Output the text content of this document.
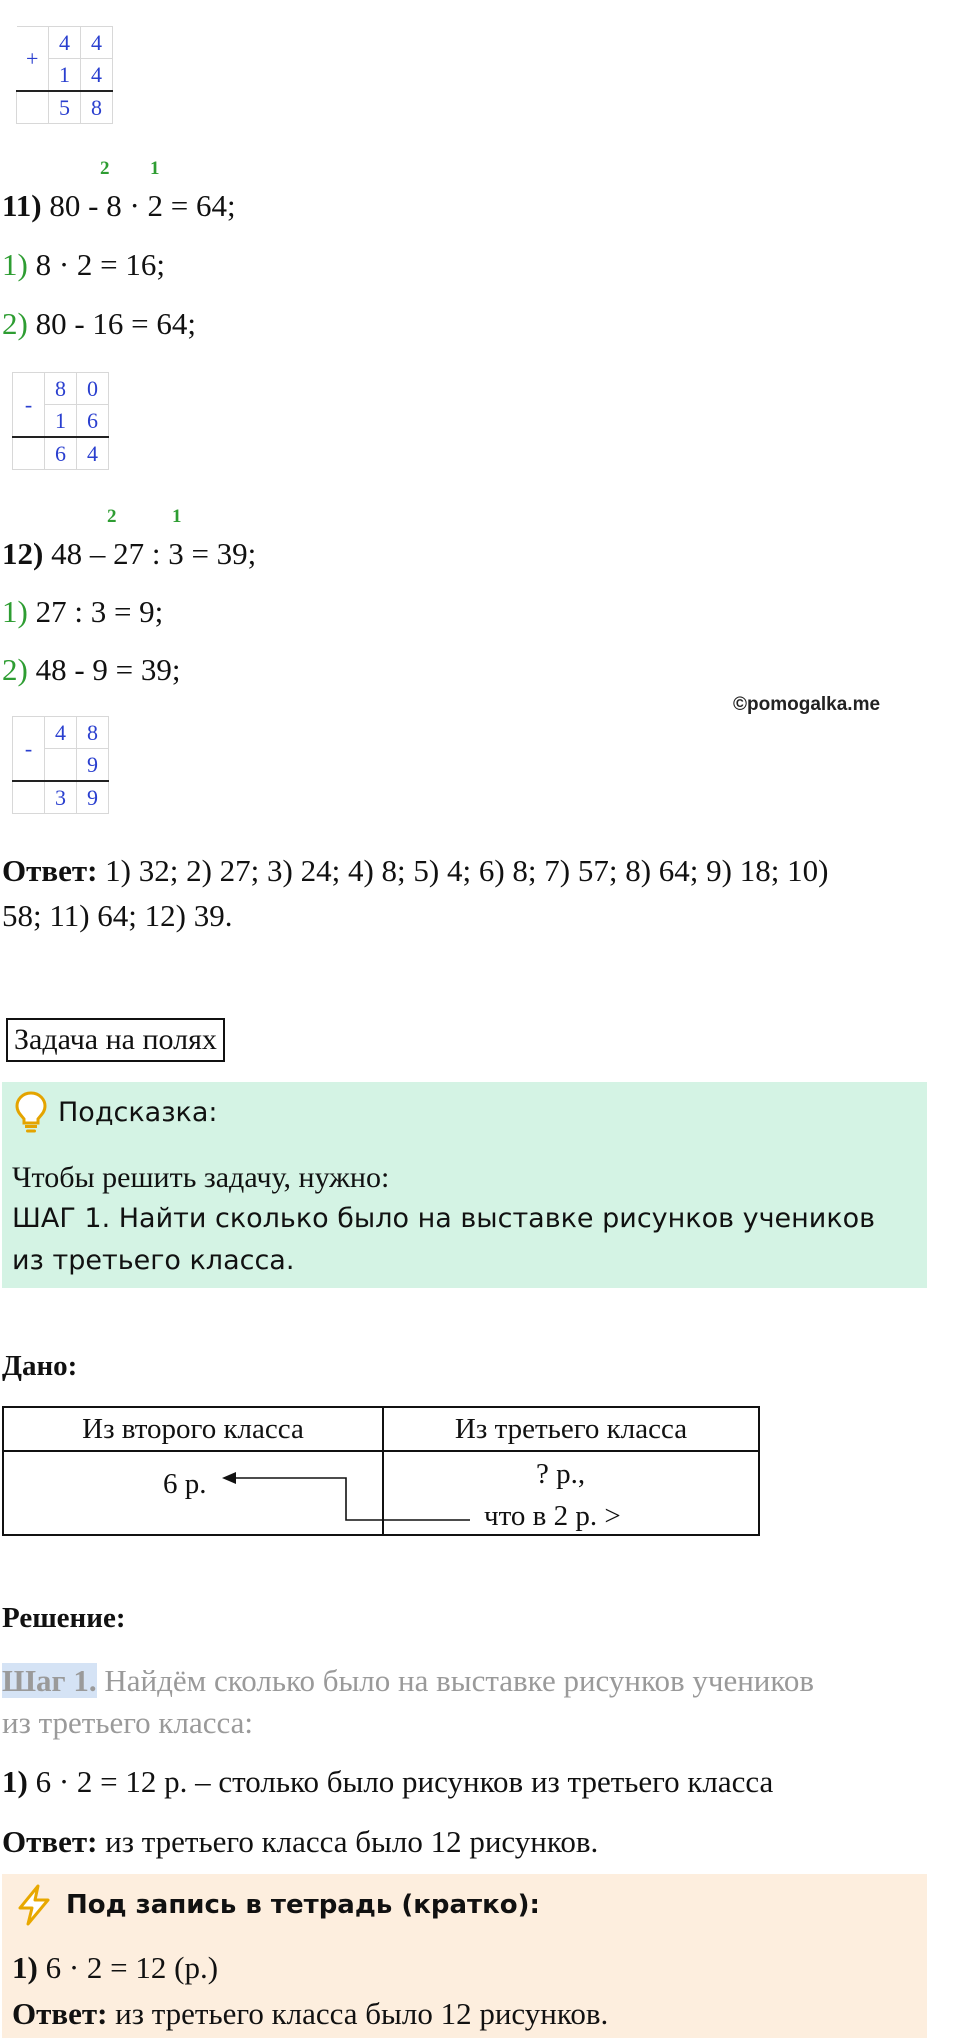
+	4	4
	1	4
	5	8
2 1
11) 80 - 8 · 2 = 64;
1) 8 · 2 = 16;
2) 80 - 16 = 64;
-	8	0
	1	6
	6	4
2	1
12) 48 – 27 : 3 = 39;
1) 27 : 3 = 9;
2) 48 - 9 = 39;
©pomogalka.me
-	4	8
		9
	3	9
Ответ: 1) 32; 2) 27; 3) 24; 4) 8; 5) 4; 6) 8; 7) 57; 8) 64; 9) 18; 10)
58; 11) 64; 12) 39.
Задача на полях
Подсказка:
Чтобы решить задачу, нужно:
ШАГ 1. Найти сколько было на выставке рисунков учеников
из третьего класса.
Дано:
Из второго класса	Из третьего класса

6 р.	? р.,
что в 2 р. >
Решение:
Шаг 1. Найдём сколько было на выставке рисунков учеников
из третьего класса:
1) 6 · 2 = 12 р. – столько было рисунков из третьего класса
Ответ: из третьего класса было 12 рисунков.
Под запись в тетрадь (кратко):
1) 6 · 2 = 12 (р.)
Ответ: из третьего класса было 12 рисунков.
